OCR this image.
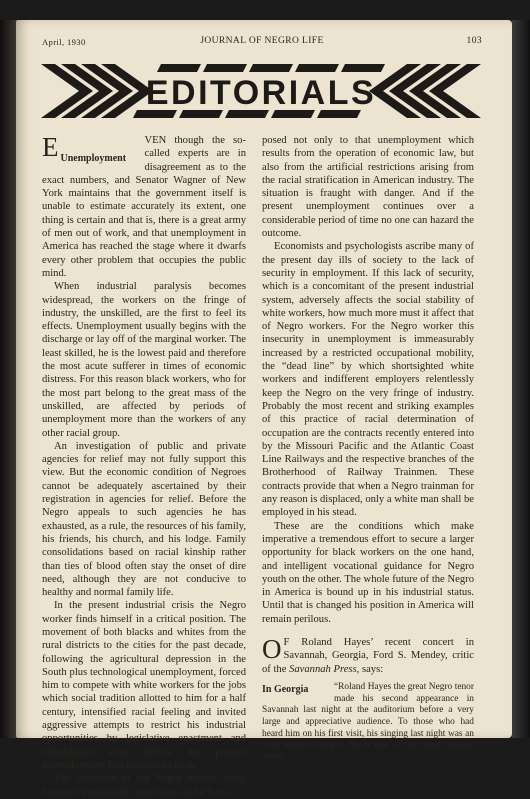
April, 1930	JOURNAL OF NEGRO LIFE	103
EDITORIALS

E Unemployment
VEN though the so-called experts are in disagreement as to the exact numbers, and Senator Wagner of New York maintains that the government itself is unable to estimate accurately its extent, one thing is certain and that is, there is a great army of men out of work, and that unemployment in America has reached the stage where it dwarfs every other problem that occupies the public mind.

When industrial paralysis becomes widespread, the workers on the fringe of industry, the unskilled, are the first to feel its effects. Unemployment usually begins with the discharge or lay off of the marginal worker. The least skilled, he is the lowest paid and therefore the most acute sufferer in times of economic distress. For this reason black workers, who for the most part belong to the great mass of the unskilled, are affected by periods of unemployment more than the workers of any other racial group.

An investigation of public and private agencies for relief may not fully support this view. But the economic condition of Negroes cannot be adequately ascertained by their registration in agencies for relief. Before the Negro appeals to such agencies he has exhausted, as a rule, the resources of his family, his friends, his church, and his lodge. Family consolidations based on racial kinship rather than ties of blood often stay the onset of dire need, although they are not conducive to healthy and normal family life.

In the present industrial crisis the Negro worker finds himself in a critical position. The movement of both blacks and whites from the rural districts to the cities for the past decade, following the agricultural depression in the South plus technological unemployment, forced him to compete with white workers for the jobs which social tradition allotted to him for a half century, intensified racial feeling and invited aggressive attempts to restrict his industrial opportunities by legislative enactment and intimidation even before the present unemployment had reached its peak.

The condition of the Negro worker, then, becomes increasingly precarious as he is ex-

posed not only to that unemployment which results from the operation of economic law, but also from the artificial restrictions arising from the racial stratification in American industry. The situation is fraught with danger. And if the present unemployment continues over a considerable period of time no one can hazard the outcome.

Economists and psychologists ascribe many of the present day ills of society to the lack of security in employment. If this lack of security, which is a concomitant of the present industrial system, adversely affects the social stability of white workers, how much more must it affect that of Negro workers. For the Negro worker this insecurity in unemployment is immeasurably increased by a restricted occupational mobility, the “dead line” by which shortsighted white workers and indifferent employers relentlessly keep the Negro on the very fringe of industry. Probably the most recent and striking examples of this practice of racial determination of occupation are the contracts recently entered into by the Missouri Pacific and the Atlantic Coast Line Railways and the respective branches of the Brotherhood of Railway Trainmen. These contracts provide that when a Negro trainman for any reason is displaced, only a white man shall be employed in his stead.

These are the conditions which make imperative a tremendous effort to secure a larger opportunity for black workers on the one hand, and intelligent vocational guidance for Negro youth on the other. The whole future of the Negro in America is bound up in his industrial status. Until that is changed his position in America will remain perilous.

O F Roland Hayes’ recent concert in Savannah, Georgia, Ford S. Mendey, critic of the Savannah Press, says:

In Georgia	“Roland Hayes the great Negro tenor made his second appearance in Savannah last night at the auditorium before a very large and appreciative audience. To those who had heard him on his first visit, his singing last night was an even greater delight. He is one of the most finished artists
